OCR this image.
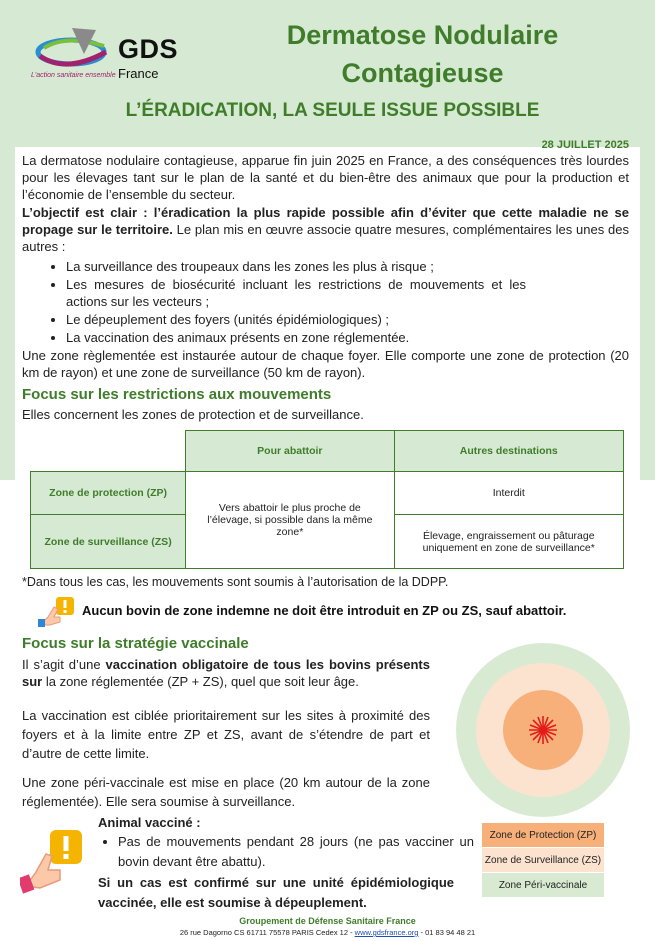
GDS
France
L'action sanitaire ensemble
Dermatose Nodulaire
Contagieuse
L’ÉRADICATION, LA SEULE ISSUE POSSIBLE
28 JUILLET 2025
La dermatose nodulaire contagieuse, apparue fin juin 2025 en France, a des conséquences très lourdes pour les élevages tant sur le plan de la santé et du bien-être des animaux que pour la production et l’économie de l’ensemble du secteur.
L’objectif est clair : l’éradication la plus rapide possible afin d’éviter que cette maladie ne se propage sur le territoire. Le plan mis en œuvre associe quatre mesures, complémentaires les unes des autres :
• La surveillance des troupeaux dans les zones les plus à risque ;
• Les mesures de biosécurité incluant les restrictions de mouvements et les actions sur les vecteurs ;
• Le dépeuplement des foyers (unités épidémiologiques) ;
• La vaccination des animaux présents en zone réglementée.
Une zone règlementée est instaurée autour de chaque foyer. Elle comporte une zone de protection (20 km de rayon) et une zone de surveillance (50 km de rayon).
Focus sur les restrictions aux mouvements
Elles concernent les zones de protection et de surveillance.
	Pour abattoir	Autres destinations
Zone de protection (ZP)	Vers abattoir le plus proche de l’élevage, si possible dans la même zone*	Interdit
Zone de surveillance (ZS)		Élevage, engraissement ou pâturage uniquement en zone de surveillance*
*Dans tous les cas, les mouvements sont soumis à l’autorisation de la DDPP.
Aucun bovin de zone indemne ne doit être introduit en ZP ou ZS, sauf abattoir.
Focus sur la stratégie vaccinale
Il s’agit d’une vaccination obligatoire de tous les bovins présents sur la zone réglementée (ZP + ZS), quel que soit leur âge.
La vaccination est ciblée prioritairement sur les sites à proximité des foyers et à la limite entre ZP et ZS, avant de s’étendre de part et d’autre de cette limite.
Une zone péri-vaccinale est mise en place (20 km autour de la zone réglementée). Elle sera soumise à surveillance.
Zone de Protection (ZP)
Zone de Surveillance (ZS)
Zone Péri-vaccinale
Animal vacciné :
• Pas de mouvements pendant 28 jours (ne pas vacciner un bovin devant être abattu).
Si un cas est confirmé sur une unité épidémiologique vaccinée, elle est soumise à dépeuplement.
Groupement de Défense Sanitaire France
26 rue Dagorno CS 61711 75578 PARIS Cedex 12 - www.gdsfrance.org - 01 83 94 48 21
